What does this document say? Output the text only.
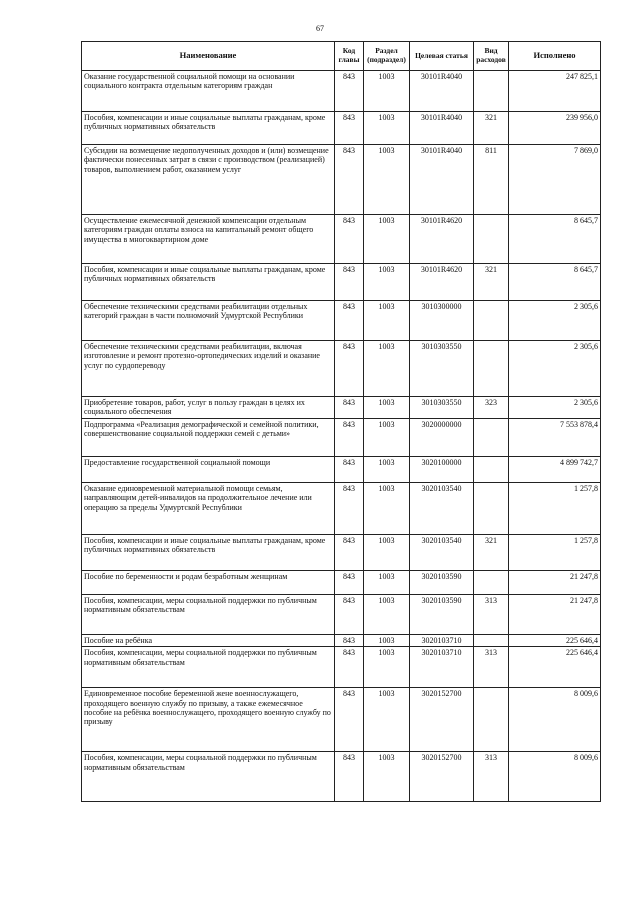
67
Наименование	Код главы	Раздел (подраздел)	Целевая статья	Вид расходов	Исполнено
Оказание государственной социальной помощи на основании социального контракта отдельным категориям граждан	843	1003	30101R4040		247 825,1
Пособия, компенсации и иные социальные выплаты гражданам, кроме публичных нормативных обязательств	843	1003	30101R4040	321	239 956,0
Субсидии на возмещение недополученных доходов и (или) возмещение фактически понесенных затрат в связи с производством (реализацией) товаров, выполнением работ, оказанием услуг	843	1003	30101R4040	811	7 869,0
Осуществление ежемесячной денежной компенсации отдельным категориям граждан оплаты взноса на капитальный ремонт общего имущества в многоквартирном доме	843	1003	30101R4620		8 645,7
Пособия, компенсации и иные социальные выплаты гражданам, кроме публичных нормативных обязательств	843	1003	30101R4620	321	8 645,7
Обеспечение техническими средствами реабилитации отдельных категорий граждан в части полномочий Удмуртской Республики	843	1003	3010300000		2 305,6
Обеспечение техническими средствами реабилитации, включая изготовление и ремонт протезно-ортопедических изделий и оказание услуг по сурдопереводу	843	1003	3010303550		2 305,6
Приобретение товаров, работ, услуг в пользу граждан в целях их социального обеспечения	843	1003	3010303550	323	2 305,6
Подпрограмма «Реализация демографической и семейной политики, совершенствование социальной поддержки семей с детьми»	843	1003	3020000000		7 553 878,4
Предоставление государственной социальной помощи	843	1003	3020100000		4 899 742,7
Оказание единовременной материальной помощи семьям, направляющим детей-инвалидов на продолжительное лечение или операцию за пределы Удмуртской Республики	843	1003	3020103540		1 257,8
Пособия, компенсации и иные социальные выплаты гражданам, кроме публичных нормативных обязательств	843	1003	3020103540	321	1 257,8
Пособие по беременности и родам безработным женщинам	843	1003	3020103590		21 247,8
Пособия, компенсации, меры социальной поддержки по публичным нормативным обязательствам	843	1003	3020103590	313	21 247,8
Пособие на ребёнка	843	1003	3020103710		225 646,4
Пособия, компенсации, меры социальной поддержки по публичным нормативным обязательствам	843	1003	3020103710	313	225 646,4
Единовременное пособие беременной жене военнослужащего, проходящего военную службу по призыву, а также ежемесячное пособие на ребёнка военнослужащего, проходящего военную службу по призыву	843	1003	3020152700		8 009,6
Пособия, компенсации, меры социальной поддержки по публичным нормативным обязательствам	843	1003	3020152700	313	8 009,6
